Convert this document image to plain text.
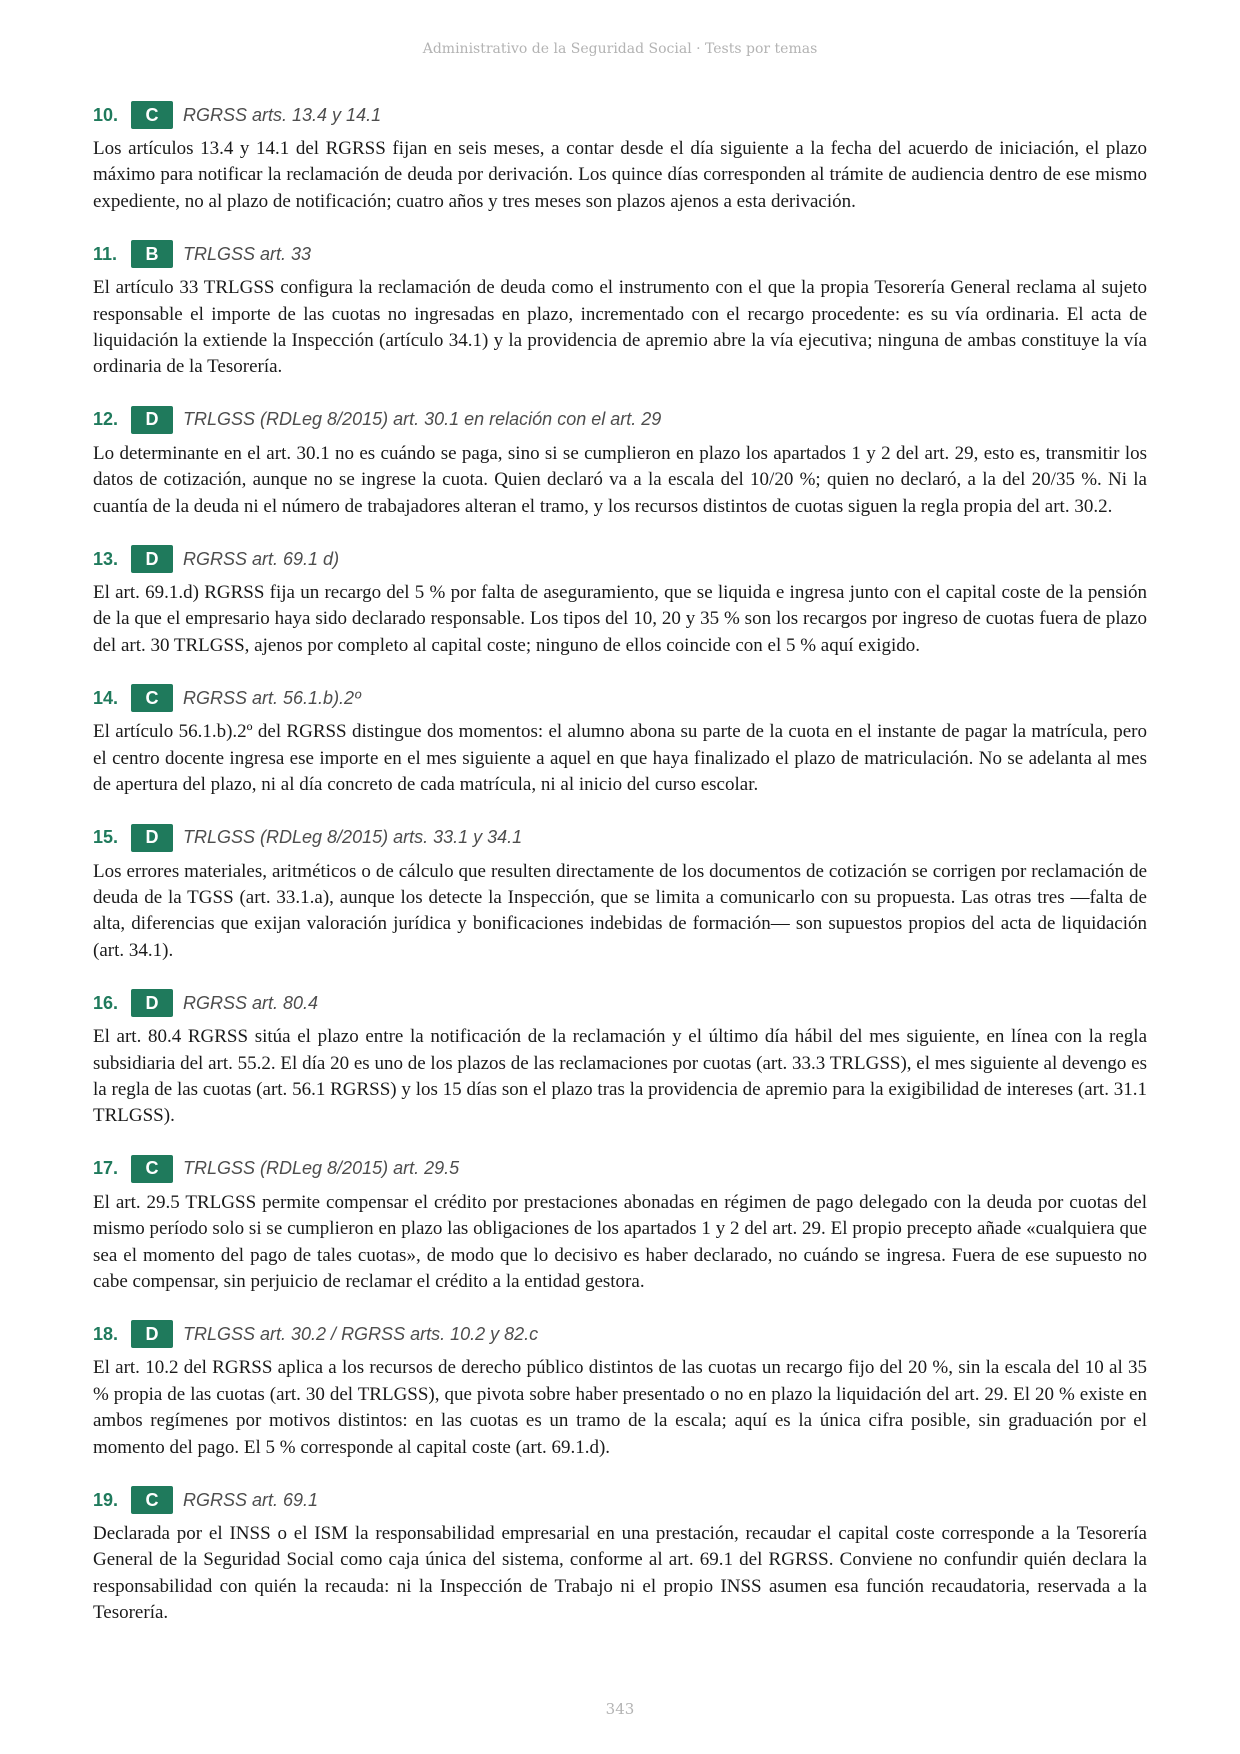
Administrativo de la Seguridad Social · Tests por temas
10.	C	RGRSS arts. 13.4 y 14.1

Los artículos 13.4 y 14.1 del RGRSS fijan en seis meses, a contar desde el día siguiente a la fecha del acuerdo de iniciación, el plazo máximo para notificar la reclamación de deuda por derivación. Los quince días corresponden al trámite de audiencia dentro de ese mismo expediente, no al plazo de notificación; cuatro años y tres meses son plazos ajenos a esta derivación.

11.	B	TRLGSS art. 33

El artículo 33 TRLGSS configura la reclamación de deuda como el instrumento con el que la propia Tesorería General reclama al sujeto responsable el importe de las cuotas no ingresadas en plazo, incrementado con el recargo procedente: es su vía ordinaria. El acta de liquidación la extiende la Inspección (artículo 34.1) y la providencia de apremio abre la vía ejecutiva; ninguna de ambas constituye la vía ordinaria de la Tesorería.

12.	D	TRLGSS (RDLeg 8/2015) art. 30.1 en relación con el art. 29

Lo determinante en el art. 30.1 no es cuándo se paga, sino si se cumplieron en plazo los apartados 1 y 2 del art. 29, esto es, transmitir los datos de cotización, aunque no se ingrese la cuota. Quien declaró va a la escala del 10/20 %; quien no declaró, a la del 20/35 %. Ni la cuantía de la deuda ni el número de trabajadores alteran el tramo, y los recursos distintos de cuotas siguen la regla propia del art. 30.2.

13.	D	RGRSS art. 69.1 d)

El art. 69.1.d) RGRSS fija un recargo del 5 % por falta de aseguramiento, que se liquida e ingresa junto con el capital coste de la pensión de la que el empresario haya sido declarado responsable. Los tipos del 10, 20 y 35 % son los recargos por ingreso de cuotas fuera de plazo del art. 30 TRLGSS, ajenos por completo al capital coste; ninguno de ellos coincide con el 5 % aquí exigido.

14.	C	RGRSS art. 56.1.b).2º

El artículo 56.1.b).2º del RGRSS distingue dos momentos: el alumno abona su parte de la cuota en el instante de pagar la matrícula, pero el centro docente ingresa ese importe en el mes siguiente a aquel en que haya finalizado el plazo de matriculación. No se adelanta al mes de apertura del plazo, ni al día concreto de cada matrícula, ni al inicio del curso escolar.

15.	D	TRLGSS (RDLeg 8/2015) arts. 33.1 y 34.1

Los errores materiales, aritméticos o de cálculo que resulten directamente de los documentos de cotización se corrigen por reclamación de deuda de la TGSS (art. 33.1.a), aunque los detecte la Inspección, que se limita a comunicarlo con su propuesta. Las otras tres —falta de alta, diferencias que exijan valoración jurídica y bonificaciones indebidas de formación— son supuestos propios del acta de liquidación (art. 34.1).

16.	D	RGRSS art. 80.4

El art. 80.4 RGRSS sitúa el plazo entre la notificación de la reclamación y el último día hábil del mes siguiente, en línea con la regla subsidiaria del art. 55.2. El día 20 es uno de los plazos de las reclamaciones por cuotas (art. 33.3 TRLGSS), el mes siguiente al devengo es la regla de las cuotas (art. 56.1 RGRSS) y los 15 días son el plazo tras la providencia de apremio para la exigibilidad de intereses (art. 31.1 TRLGSS).

17.	C	TRLGSS (RDLeg 8/2015) art. 29.5

El art. 29.5 TRLGSS permite compensar el crédito por prestaciones abonadas en régimen de pago delegado con la deuda por cuotas del mismo período solo si se cumplieron en plazo las obligaciones de los apartados 1 y 2 del art. 29. El propio precepto añade «cualquiera que sea el momento del pago de tales cuotas», de modo que lo decisivo es haber declarado, no cuándo se ingresa. Fuera de ese supuesto no cabe compensar, sin perjuicio de reclamar el crédito a la entidad gestora.

18.	D	TRLGSS art. 30.2 / RGRSS arts. 10.2 y 82.c

El art. 10.2 del RGRSS aplica a los recursos de derecho público distintos de las cuotas un recargo fijo del 20 %, sin la escala del 10 al 35 % propia de las cuotas (art. 30 del TRLGSS), que pivota sobre haber presentado o no en plazo la liquidación del art. 29. El 20 % existe en ambos regímenes por motivos distintos: en las cuotas es un tramo de la escala; aquí es la única cifra posible, sin graduación por el momento del pago. El 5 % corresponde al capital coste (art. 69.1.d).

19.	C	RGRSS art. 69.1

Declarada por el INSS o el ISM la responsabilidad empresarial en una prestación, recaudar el capital coste corresponde a la Tesorería General de la Seguridad Social como caja única del sistema, conforme al art. 69.1 del RGRSS. Conviene no confundir quién declara la responsabilidad con quién la recauda: ni la Inspección de Trabajo ni el propio INSS asumen esa función recaudatoria, reservada a la Tesorería.

343
